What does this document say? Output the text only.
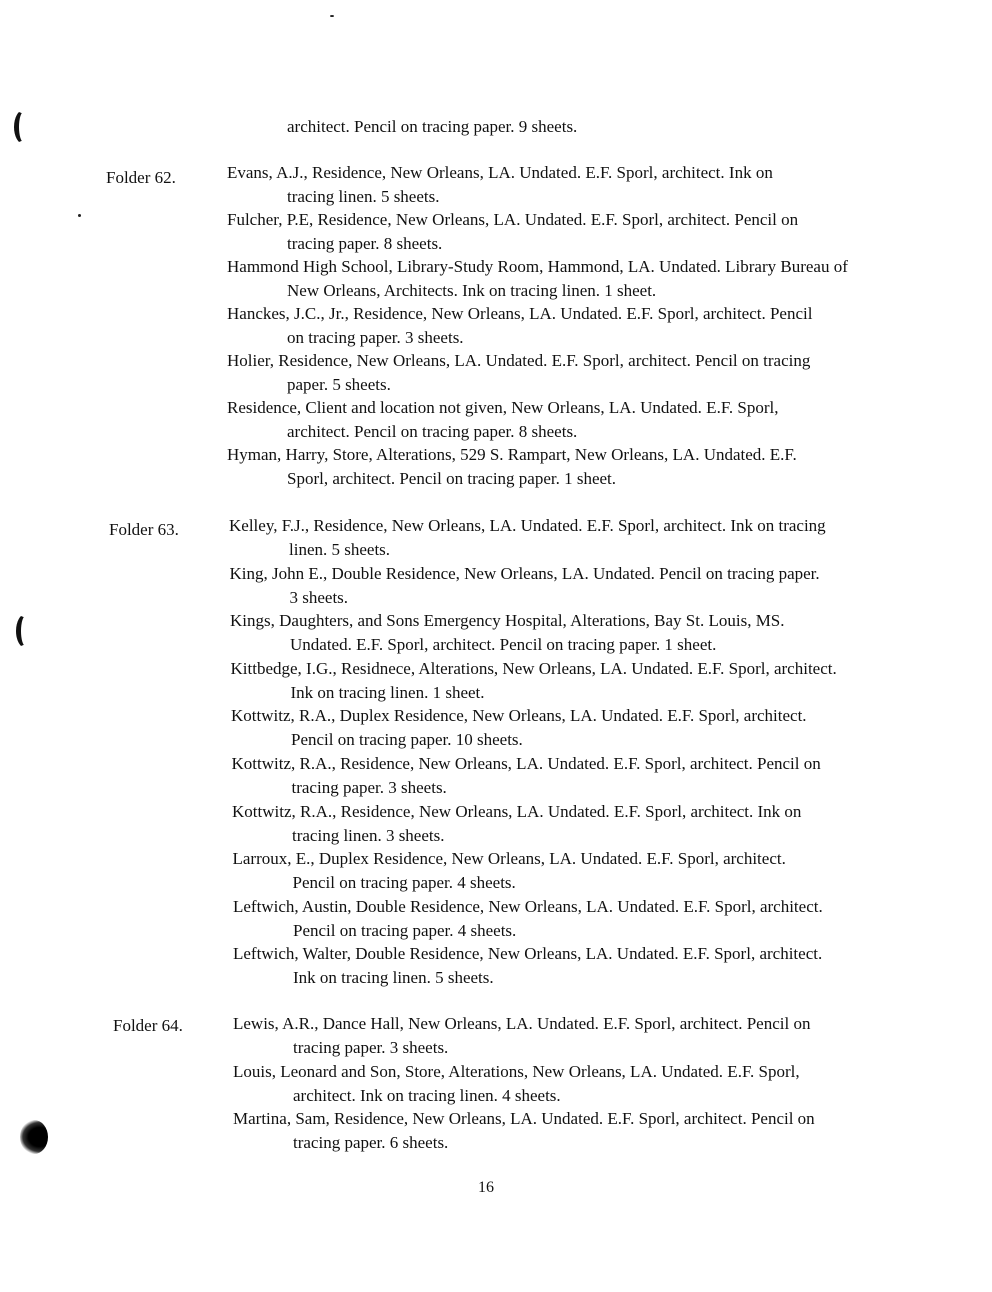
architect. Pencil on tracing paper. 9 sheets.
Folder 62.	Evans, A.J., Residence, New Orleans, LA. Undated. E.F. Sporl, architect. Ink on
tracing linen. 5 sheets.
Fulcher, P.E, Residence, New Orleans, LA. Undated. E.F. Sporl, architect. Pencil on
tracing paper. 8 sheets.
Hammond High School, Library-Study Room, Hammond, LA. Undated. Library Bureau of
New Orleans, Architects. Ink on tracing linen. 1 sheet.
Hanckes, J.C., Jr., Residence, New Orleans, LA. Undated. E.F. Sporl, architect. Pencil
on tracing paper. 3 sheets.
Holier, Residence, New Orleans, LA. Undated. E.F. Sporl, architect. Pencil on tracing
paper. 5 sheets.
Residence, Client and location not given, New Orleans, LA. Undated. E.F. Sporl,
architect. Pencil on tracing paper. 8 sheets.
Hyman, Harry, Store, Alterations, 529 S. Rampart, New Orleans, LA. Undated. E.F.
Sporl, architect. Pencil on tracing paper. 1 sheet.
Folder 63.	Kelley, F.J., Residence, New Orleans, LA. Undated. E.F. Sporl, architect. Ink on tracing
linen. 5 sheets.
King, John E., Double Residence, New Orleans, LA. Undated. Pencil on tracing paper.
3 sheets.
Kings, Daughters, and Sons Emergency Hospital, Alterations, Bay St. Louis, MS.
Undated. E.F. Sporl, architect. Pencil on tracing paper. 1 sheet.
Kittbedge, I.G., Residnece, Alterations, New Orleans, LA. Undated. E.F. Sporl, architect.
Ink on tracing linen. 1 sheet.
Kottwitz, R.A., Duplex Residence, New Orleans, LA. Undated. E.F. Sporl, architect.
Pencil on tracing paper. 10 sheets.
Kottwitz, R.A., Residence, New Orleans, LA. Undated. E.F. Sporl, architect. Pencil on
tracing paper. 3 sheets.
Kottwitz, R.A., Residence, New Orleans, LA. Undated. E.F. Sporl, architect. Ink on
tracing linen. 3 sheets.
Larroux, E., Duplex Residence, New Orleans, LA. Undated. E.F. Sporl, architect.
Pencil on tracing paper. 4 sheets.
Leftwich, Austin, Double Residence, New Orleans, LA. Undated. E.F. Sporl, architect.
Pencil on tracing paper. 4 sheets.
Leftwich, Walter, Double Residence, New Orleans, LA. Undated. E.F. Sporl, architect.
Ink on tracing linen. 5 sheets.
Folder 64.	Lewis, A.R., Dance Hall, New Orleans, LA. Undated. E.F. Sporl, architect. Pencil on
tracing paper. 3 sheets.
Louis, Leonard and Son, Store, Alterations, New Orleans, LA. Undated. E.F. Sporl,
architect. Ink on tracing linen. 4 sheets.
Martina, Sam, Residence, New Orleans, LA. Undated. E.F. Sporl, architect. Pencil on
tracing paper. 6 sheets.
16
